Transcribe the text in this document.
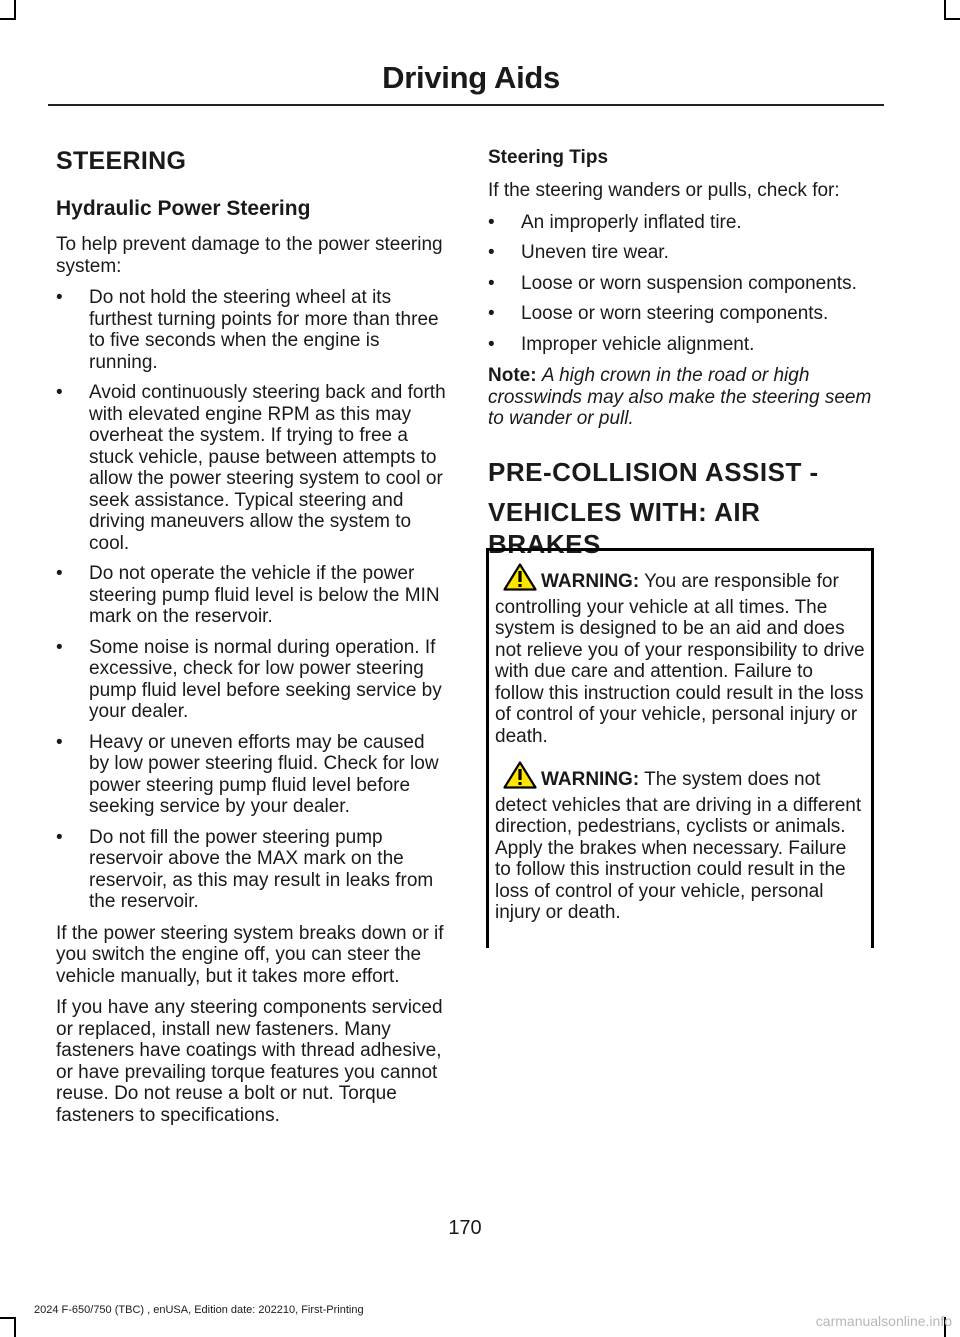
Driving Aids
STEERING
Hydraulic Power Steering

To help prevent damage to the power steering system:

• Do not hold the steering wheel at its furthest turning points for more than three to five seconds when the engine is running.
• Avoid continuously steering back and forth with elevated engine RPM as this may overheat the system. If trying to free a stuck vehicle, pause between attempts to allow the power steering system to cool or seek assistance. Typical steering and driving maneuvers allow the system to cool.
• Do not operate the vehicle if the power steering pump fluid level is below the MIN mark on the reservoir.
• Some noise is normal during operation. If excessive, check for low power steering pump fluid level before seeking service by your dealer.
• Heavy or uneven efforts may be caused by low power steering fluid. Check for low power steering pump fluid level before seeking service by your dealer.
• Do not fill the power steering pump reservoir above the MAX mark on the reservoir, as this may result in leaks from the reservoir.

If the power steering system breaks down or if you switch the engine off, you can steer the vehicle manually, but it takes more effort.

If you have any steering components serviced or replaced, install new fasteners. Many fasteners have coatings with thread adhesive, or have prevailing torque features you cannot reuse. Do not reuse a bolt or nut. Torque fasteners to specifications.

Steering Tips

If the steering wanders or pulls, check for:

• An improperly inflated tire.
• Uneven tire wear.
• Loose or worn suspension components.
• Loose or worn steering components.
• Improper vehicle alignment.

Note: A high crown in the road or high crosswinds may also make the steering seem to wander or pull.

PRE-COLLISION ASSIST -
VEHICLES WITH: AIR BRAKES

WARNING: You are responsible for controlling your vehicle at all times. The system is designed to be an aid and does not relieve you of your responsibility to drive with due care and attention. Failure to follow this instruction could result in the loss of control of your vehicle, personal injury or death.

WARNING: The system does not detect vehicles that are driving in a different direction, pedestrians, cyclists or animals. Apply the brakes when necessary. Failure to follow this instruction could result in the loss of control of your vehicle, personal injury or death.

170
2024 F-650/750 (TBC) , enUSA, Edition date: 202210, First-Printing
carmanualsonline.info
